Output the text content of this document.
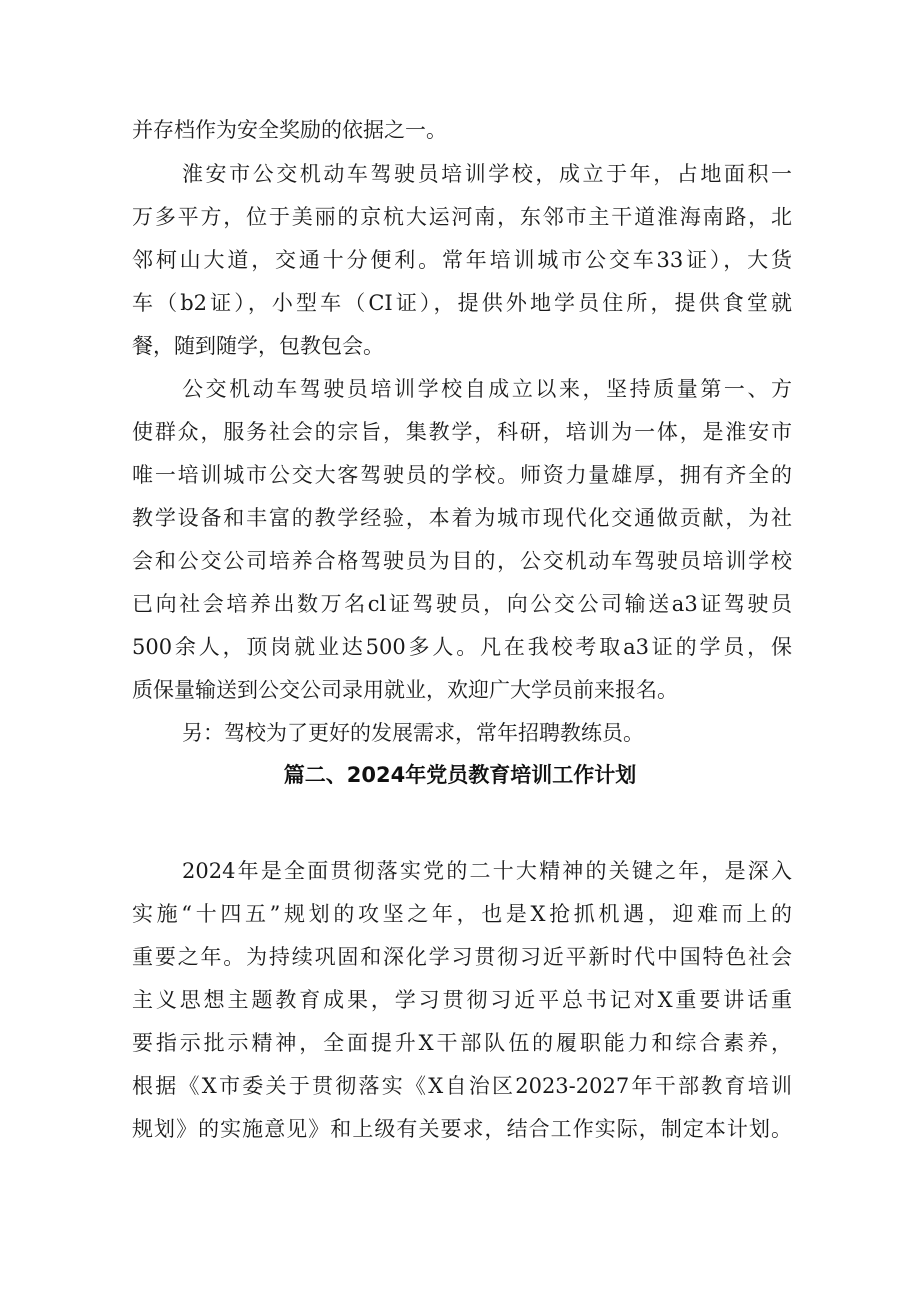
并存档作为安全奖励的依据之一。
淮安市公交机动车驾驶员培训学校，成立于年，占地面积一
万多平方，位于美丽的京杭大运河南，东邻市主干道淮海南路，北
邻柯山大道，交通十分便利。常年培训城市公交车33证），大货
车（b2证），小型车（CI证），提供外地学员住所，提供食堂就
餐，随到随学，包教包会。
公交机动车驾驶员培训学校自成立以来，坚持质量第一、方
使群众，服务社会的宗旨，集教学，科研，培训为一体，是淮安市
唯一培训城市公交大客驾驶员的学校。师资力量雄厚，拥有齐全的
教学设备和丰富的教学经验，本着为城市现代化交通做贡献，为社
会和公交公司培养合格驾驶员为目的，公交机动车驾驶员培训学校
已向社会培养出数万名cl证驾驶员，向公交公司输送a3证驾驶员
500余人，顶岗就业达500多人。凡在我校考取a3证的学员，保
质保量输送到公交公司录用就业，欢迎广大学员前来报名。
另：驾校为了更好的发展需求，常年招聘教练员。
篇二、2024年党员教育培训工作计划
2024年是全面贯彻落实党的二十大精神的关键之年，是深入
实施“十四五”规划的攻坚之年，也是X抢抓机遇，迎难而上的
重要之年。为持续巩固和深化学习贯彻习近平新时代中国特色社会
主义思想主题教育成果，学习贯彻习近平总书记对X重要讲话重
要指示批示精神，全面提升X干部队伍的履职能力和综合素养，
根据《X市委关于贯彻落实《X自治区2023-2027年干部教育培训
规划》的实施意见》和上级有关要求，结合工作实际，制定本计划。
